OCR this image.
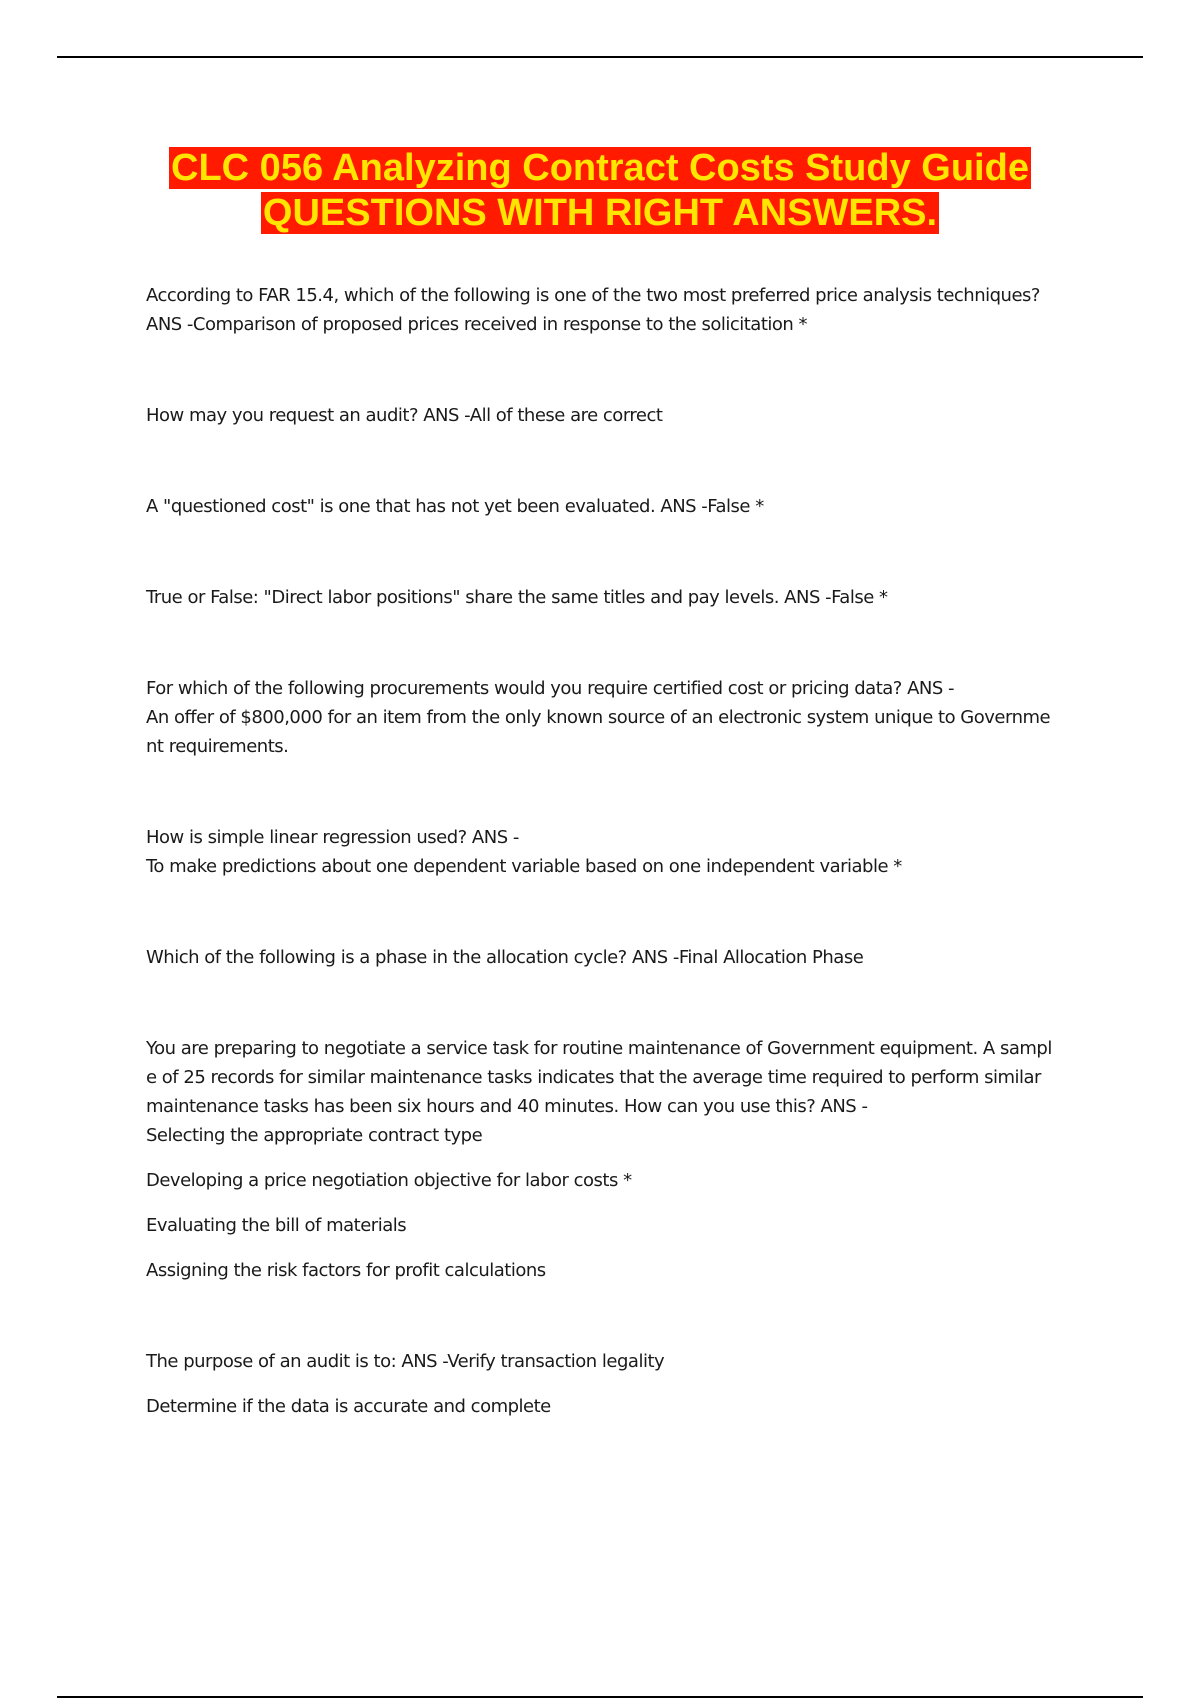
CLC 056 Analyzing Contract Costs Study Guide
QUESTIONS WITH RIGHT ANSWERS.
According to FAR 15.4, which of the following is one of the two most preferred price analysis techniques?
ANS -Comparison of proposed prices received in response to the solicitation *
How may you request an audit? ANS -All of these are correct
A "questioned cost" is one that has not yet been evaluated. ANS -False *
True or False: "Direct labor positions" share the same titles and pay levels. ANS -False *
For which of the following procurements would you require certified cost or pricing data? ANS -
An offer of $800,000 for an item from the only known source of an electronic system unique to Governme
nt requirements.
How is simple linear regression used? ANS -
To make predictions about one dependent variable based on one independent variable *
Which of the following is a phase in the allocation cycle? ANS -Final Allocation Phase
You are preparing to negotiate a service task for routine maintenance of Government equipment. A sampl
e of 25 records for similar maintenance tasks indicates that the average time required to perform similar
maintenance tasks has been six hours and 40 minutes. How can you use this? ANS -
Selecting the appropriate contract type
Developing a price negotiation objective for labor costs *
Evaluating the bill of materials
Assigning the risk factors for profit calculations
The purpose of an audit is to: ANS -Verify transaction legality
Determine if the data is accurate and complete
